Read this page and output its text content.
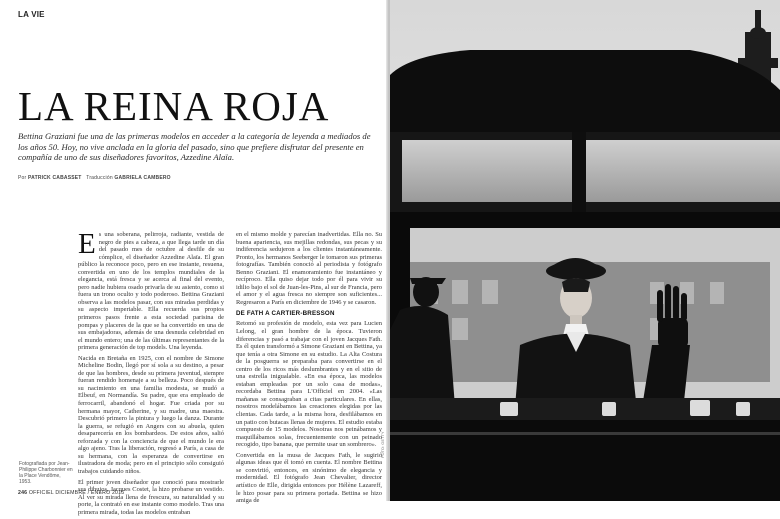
LA VIE
LA REINA ROJA

Bettina Graziani fue una de las primeras modelos en acceder a la categoría de leyenda a mediados de los años 50. Hoy, no vive anclada en la gloria del pasado, sino que prefiere disfrutar del presente en compañía de uno de sus diseñadores favoritos, Azzedine Alaïa.

Por PATRICK CABASSET Traducción GABRIELA CAMBERO

Es una soberana, pelirroja, radiante, vestida de negro de pies a cabeza, a que llega tarde un día del pasado mes de octubre al desfile de su cómplice, el diseñador Azzedine Alaïa. El gran público la reconoce poco, pero en ese instante, resuena, convertida en uno de los templos mundiales de la elegancia, está fresca y se acerca al final del evento, pero nadie hubiera osado privarla de su asiento, como si fuera un trono oculto y todo poderoso. Bettina Graziani observa a las modelos pasar, con sus miradas perdidas y su aspecto imperiable. Ella recuerda sus propios primeros pasos frente a esta sociedad parisina de pompas y placeres de la que se ha convertido en una de sus embajadoras, además de una desnuda celebridad en el mundo entero; una de las últimas representantes de la primera generación de top models. Una leyenda.

Nacida en Bretaña en 1925, con el nombre de Simone Micheline Bodin, llegó por sí sola a su destino, a pesar de que las hombres, desde su primera juventud, siempre fueran rendido homenaje a su belleza. Poco después de su nacimiento en una familia modesta, se mudó a Elbeuf, en Normandía. Su padre, que era empleado de ferrocarril, abandonó el hogar. Fue criada por su hermana mayor, Catherine, y su madre, una maestra. Descubrió primero la pintura y luego la danza. Durante la guerra, se refugió en Angers con su abuela, quien desaparecería en los bombardeos. De estos años, salió reforzada y con la conciencia de que el mundo le era algo ajeno. Tras la liberación, regresó a París, a casa de su hermana, con la esperanza de convertirse en ilustradora de moda; pero en el principio sólo consiguió trabajos cuidando niños.

El primer joven diseñador que conoció para mostrarle sus dibujos, Jacques Costet, la hizo probarse un vestido. Al ver su mirada llena de frescura, su naturalidad y su porte, la contrató en ese instante como modelo. Tras una primera mirada, todas las modelos entraban

en el mismo molde y parecían inadvertidas. Ella no. Su buena apariencia, sus mejillas redondas, sus pecas y su indiferencia sedujeron a los clientes instantáneamente. Pronto, los hermanos Seeberger le tomaron sus primeras fotografías. También conoció al periodista y fotógrafo Benno Graziani. El enamoramiento fue instantáneo y recíproco. Ella quiso dejar todo por él para vivir su idilio bajo el sol de Juan-les-Pins, al sur de Francia, pero el amor y el agua fresca no siempre son suficientes... Regresaron a París en diciembre de 1946 y se casaron.

DE FATH A CARTIER-BRESSON

Retomó su profesión de modelo, esta vez para Lucien Lelong, el gran hombre de la época. Tuvieron diferencias y pasó a trabajar con el joven Jacques Fath. Es él quien transformó a Simone Graziani en Bettina, ya que tenía a otra Simone en su estudio. La Alta Costura de la posguerra se preparaba para convertirse en el centro de los ricos más deslumbrantes y en el sitio de una estrella inigualable. «En esa época, las modelos estaban empleadas por un solo casa de modas», recordaba Bettina para L'Officiel en 2004. «Las mañanas se consagraban a citas particulares. En ellas, nosotros modelábamos las creaciones elegidas por las clientas. Cada tarde, a la misma hora, desfilábamos en un patio con butacas llenas de mujeres. El estudio estaba compuesto de 15 modelos. Nosotras nos peinábamos y maquillábamos solas, frecuentemente con un peinado recogido, tipo banana, que permite usar un sombrero».

Convertida en la musa de Jacques Fath, le sugirió algunas ideas que él tomó en cuenta. El nombre Bettina se convirtió, entonces, en sinónimo de elegancia y modernidad. El fotógrafo Jean Chevalier, director artístico de Elle, dirigida entonces por Hélène Lazareff, le hizo posar para su primera portada. Bettina se hizo amiga de

Fotografiada por Jean-Philippe Charbonnier en la Place Vendôme, 1953.
246 OFFICIEL DICIEMBRE / ENERO 2015
FOTO: GETTY
